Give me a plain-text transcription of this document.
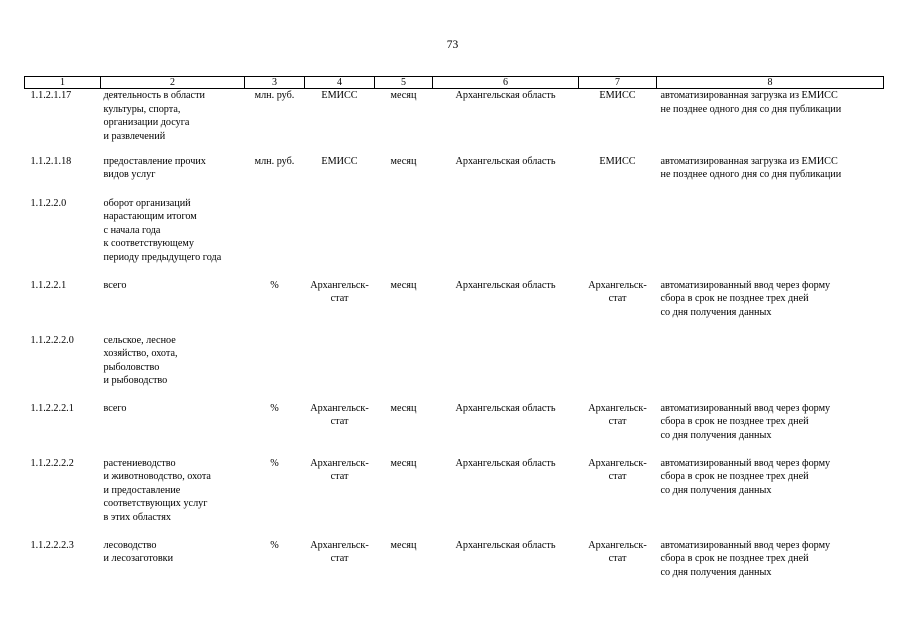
73
1	2	3	4	5	6	7	8
1.1.2.1.17	деятельность в области
культуры, спорта,
организации досуга
и развлечений	млн. руб.	ЕМИСС	месяц	Архангельская область	ЕМИСС	автоматизированная загрузка из ЕМИСС
не позднее одного дня со дня публикации
1.1.2.1.18	предоставление прочих
видов услуг	млн. руб.	ЕМИСС	месяц	Архангельская область	ЕМИСС	автоматизированная загрузка из ЕМИСС
не позднее одного дня со дня публикации
1.1.2.2.0	оборот организаций
нарастающим итогом
с начала года
к соответствующему
периоду предыдущего года						
1.1.2.2.1	всего	%	Архангельск-
стат	месяц	Архангельская область	Архангельск-
стат	автоматизированный ввод через форму
сбора в срок не позднее трех дней
со дня получения данных
1.1.2.2.2.0	сельское, лесное
хозяйство, охота,
рыболовство
и рыбоводство						
1.1.2.2.2.1	всего	%	Архангельск-
стат	месяц	Архангельская область	Архангельск-
стат	автоматизированный ввод через форму
сбора в срок не позднее трех дней
со дня получения данных
1.1.2.2.2.2	растениеводство
и животноводство, охота
и предоставление
соответствующих услуг
в этих областях	%	Архангельск-
стат	месяц	Архангельская область	Архангельск-
стат	автоматизированный ввод через форму
сбора в срок не позднее трех дней
со дня получения данных
1.1.2.2.2.3	лесоводство
и лесозаготовки	%	Архангельск-
стат	месяц	Архангельская область	Архангельск-
стат	автоматизированный ввод через форму
сбора в срок не позднее трех дней
со дня получения данных
